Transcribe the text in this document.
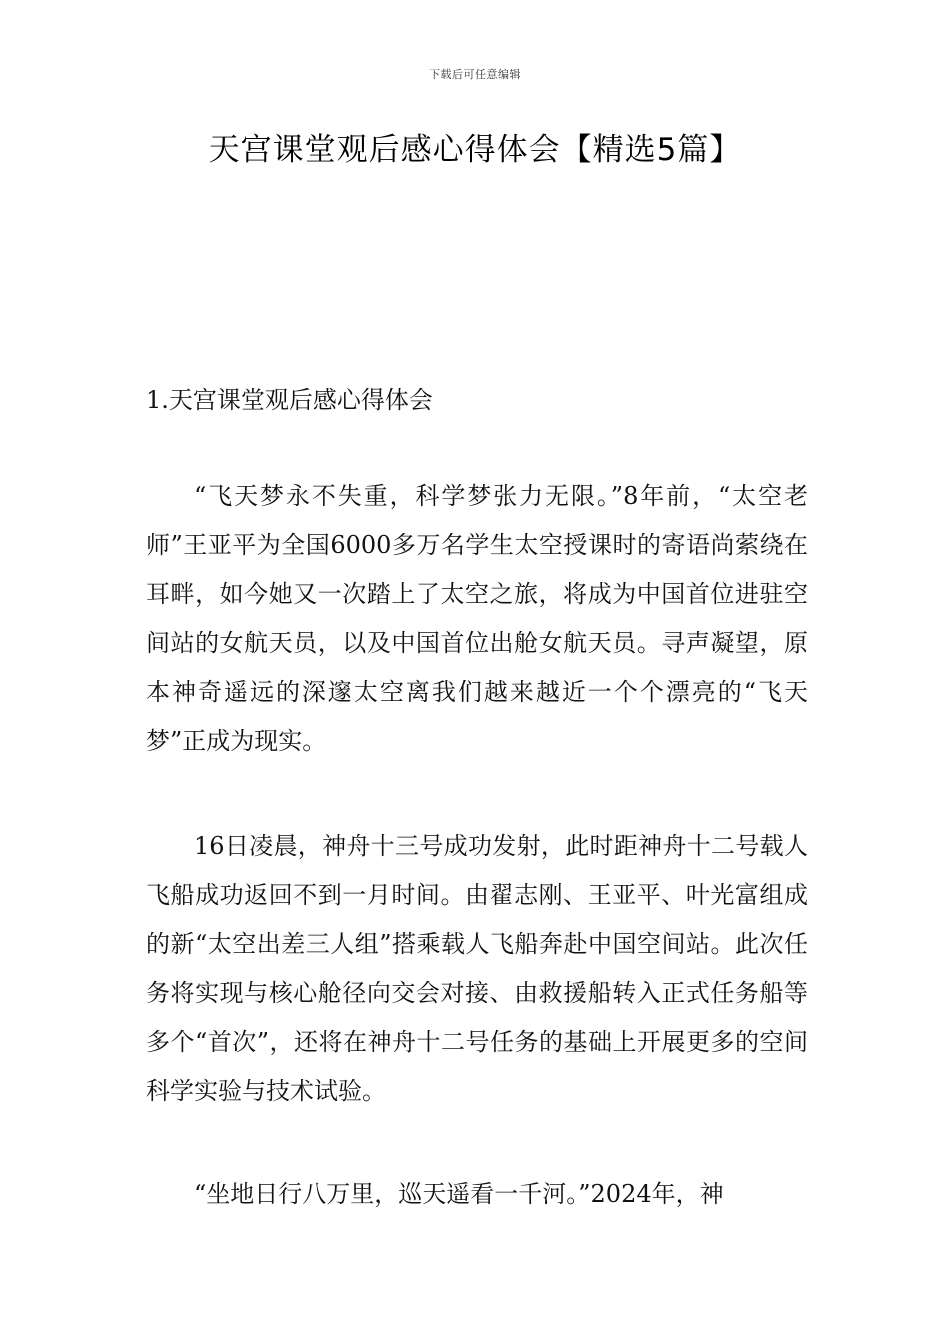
下载后可任意编辑
天宫课堂观后感心得体会【精选5篇】

1.天宫课堂观后感心得体会

“飞天梦永不失重，科学梦张力无限。”8年前，“太空老师”王亚平为全国6000多万名学生太空授课时的寄语尚萦绕在耳畔，如今她又一次踏上了太空之旅，将成为中国首位进驻空间站的女航天员，以及中国首位出舱女航天员。寻声凝望，原本神奇遥远的深邃太空离我们越来越近一个个漂亮的“飞天梦”正成为现实。

16日凌晨，神舟十三号成功发射，此时距神舟十二号载人飞船成功返回不到一月时间。由翟志刚、王亚平、叶光富组成的新“太空出差三人组”搭乘载人飞船奔赴中国空间站。此次任务将实现与核心舱径向交会对接、由救援船转入正式任务船等多个“首次”，还将在神舟十二号任务的基础上开展更多的空间科学实验与技术试验。

“坐地日行八万里，巡天遥看一千河。”2024年，神
